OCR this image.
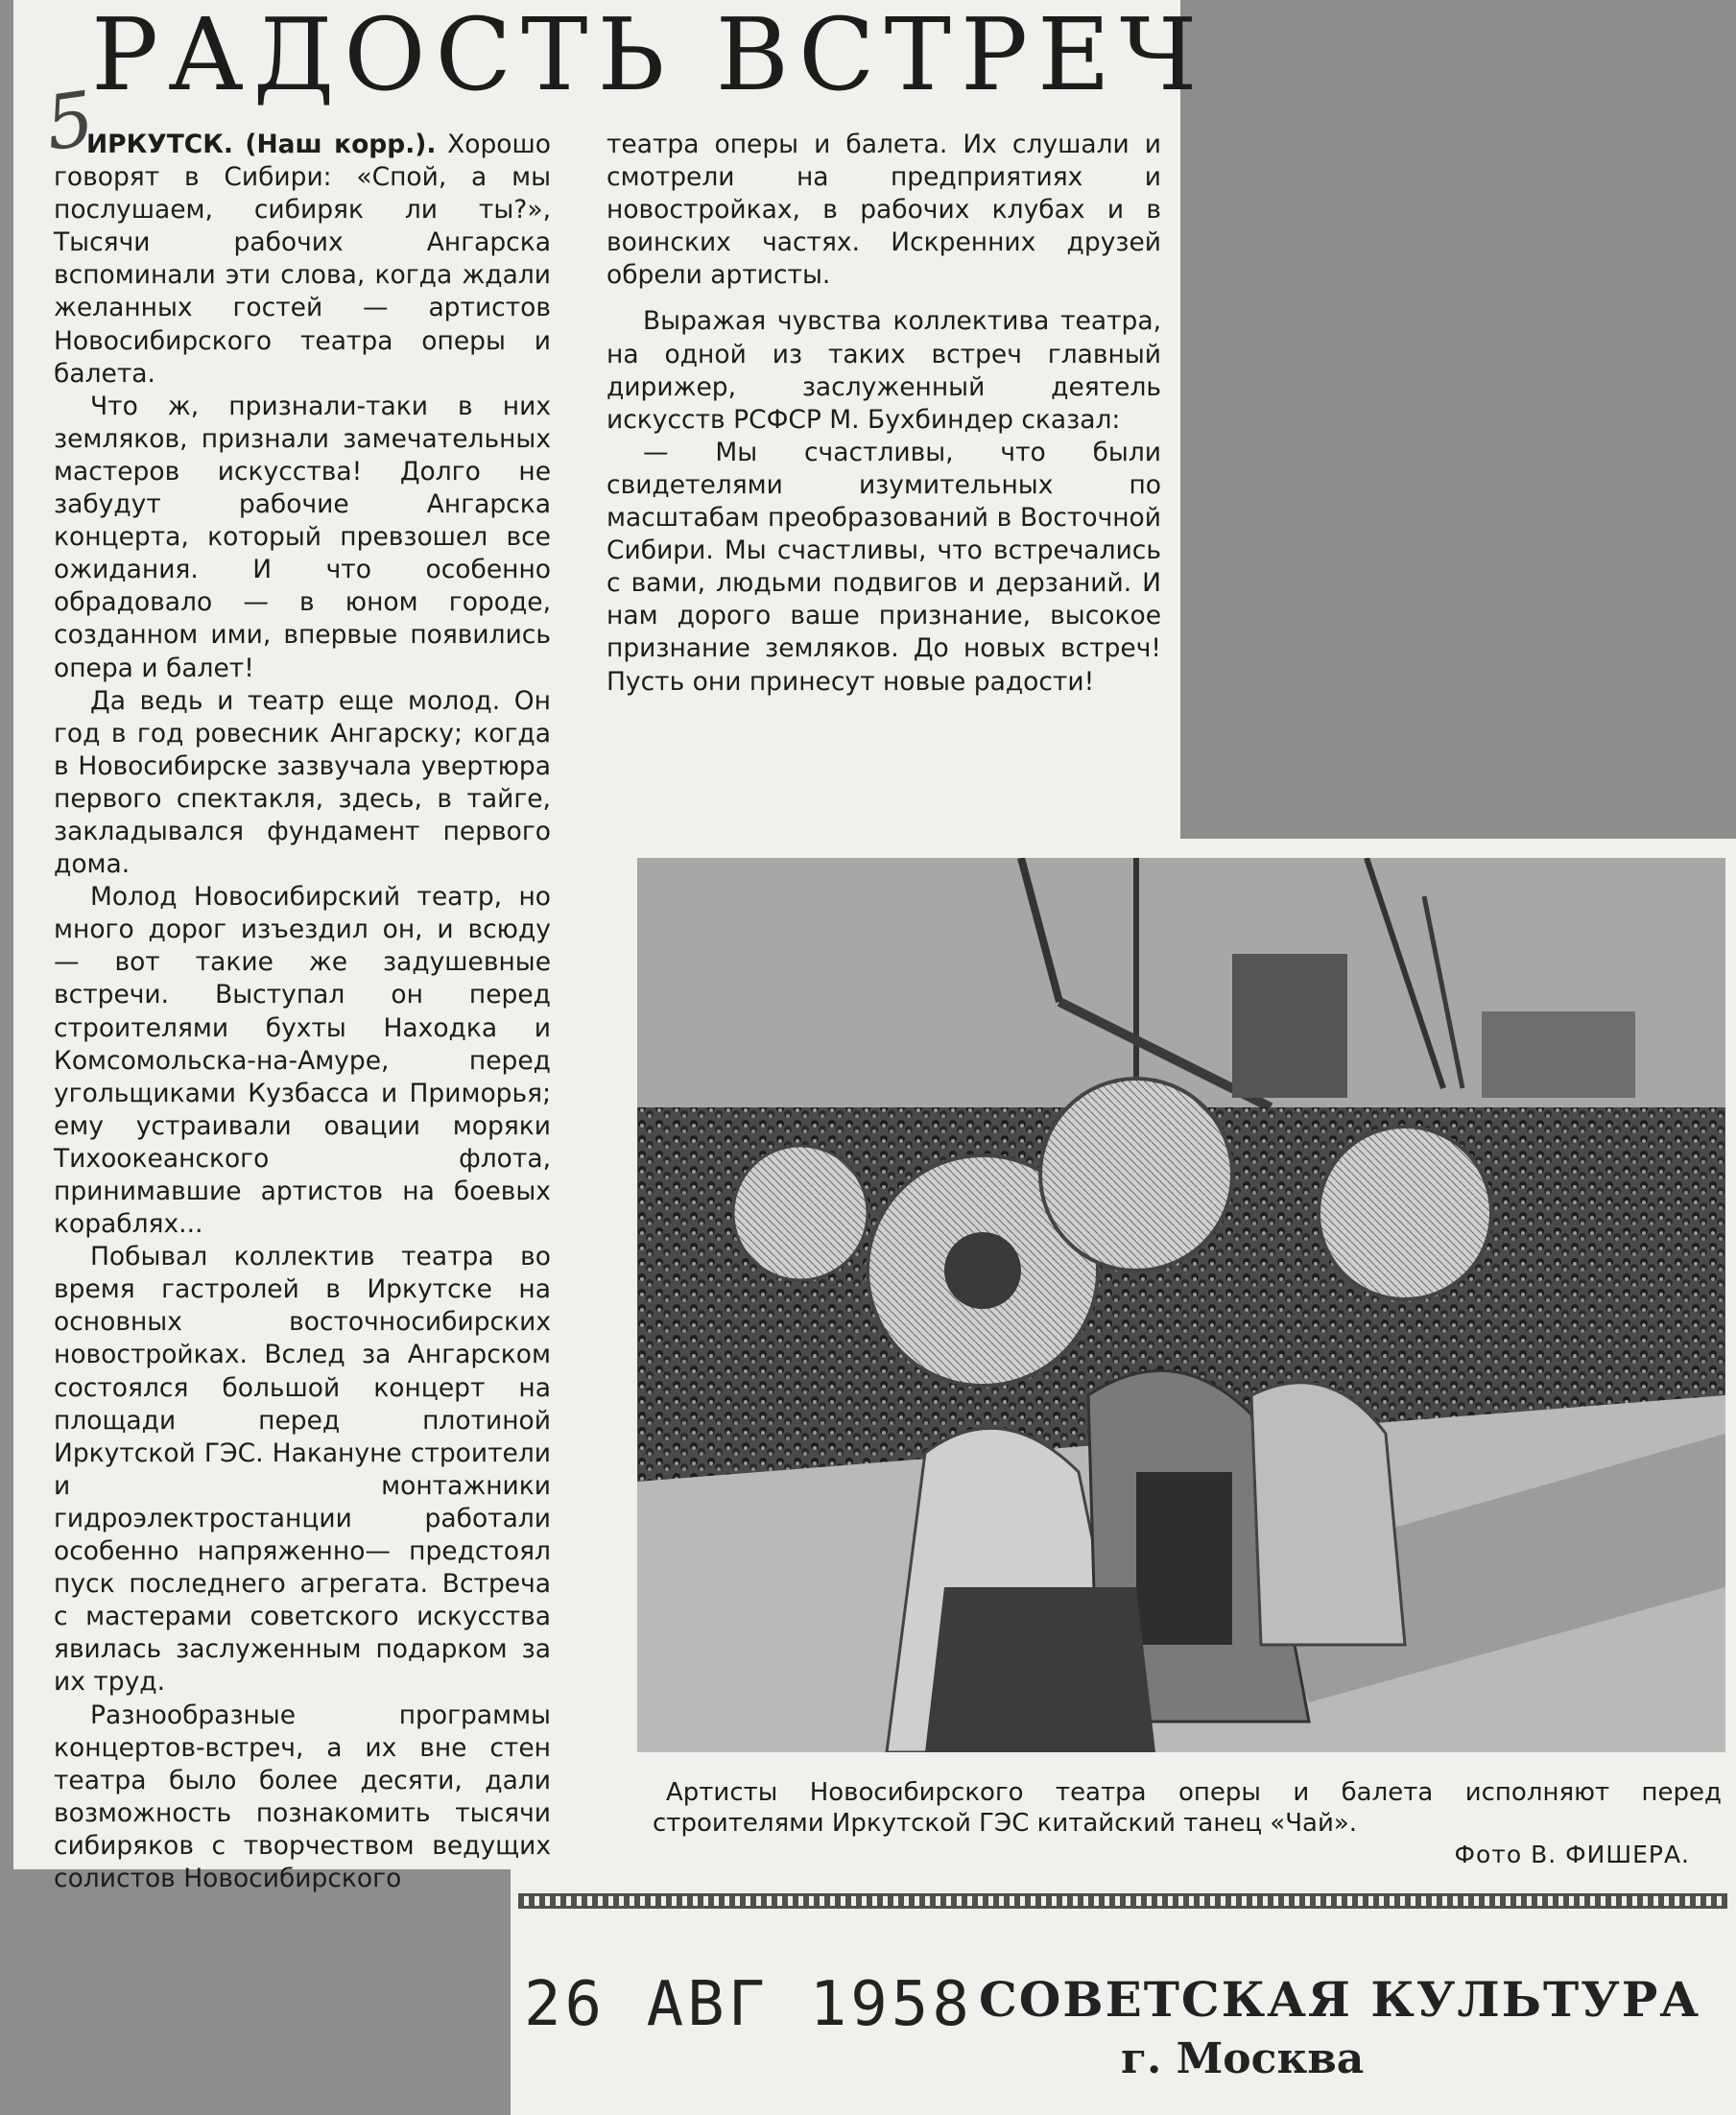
5
РАДОСТЬ ВСТРЕЧ

ИРКУТСК. (Наш корр.). Хорошо говорят в Сибири: «Спой, а мы послушаем, сибиряк ли ты?», Тысячи рабочих Ангарска вспоминали эти слова, когда ждали желанных гостей — артистов Новосибирского театра оперы и балета.

Что ж, признали-таки в них земляков, признали замечательных мастеров искусства! Долго не забудут рабочие Ангарска концерта, который превзошел все ожидания. И что особенно обрадовало — в юном городе, созданном ими, впервые появились опера и балет!

Да ведь и театр еще молод. Он год в год ровесник Ангарску; когда в Новосибирске зазвучала увертюра первого спектакля, здесь, в тайге, закладывался фундамент первого дома.

Молод Новосибирский театр, но много дорог изъездил он, и всюду — вот такие же задушевные встречи. Выступал он перед строителями бухты Находка и Комсомольска-на-Амуре, перед угольщиками Кузбасса и Приморья; ему устраивали овации моряки Тихоокеанского флота, принимавшие артистов на боевых кораблях...

Побывал коллектив театра во время гастролей в Иркутске на основных восточносибирских новостройках. Вслед за Ангарском состоялся большой концерт на площади перед плотиной Иркутской ГЭС. Накануне строители и монтажники гидроэлектростанции работали особенно напряженно— предстоял пуск последнего агрегата. Встреча с мастерами советского искусства явилась заслуженным подарком за их труд.

Разнообразные программы концертов-встреч, а их вне стен театра было более десяти, дали возможность познакомить тысячи сибиряков с творчеством ведущих солистов Новосибирского

театра оперы и балета. Их слушали и смотрели на предприятиях и новостройках, в рабочих клубах и в воинских частях. Искренних друзей обрели артисты.

Выражая чувства коллектива театра, на одной из таких встреч главный дирижер, заслуженный деятель искусств РСФСР М. Бухбиндер сказал:

— Мы счастливы, что были свидетелями изумительных по масштабам преобразований в Восточной Сибири. Мы счастливы, что встречались с вами, людьми подвигов и дерзаний. И нам дорого ваше признание, высокое признание земляков. До новых встреч! Пусть они принесут новые радости!

Артисты Новосибирского театра оперы и балета исполняют перед строителями Иркутской ГЭС китайский танец «Чай».
Фото В. ФИШЕРА.
26 АВГ 1958 СОВЕТСКАЯ КУЛЬТУРА
г. Москва
